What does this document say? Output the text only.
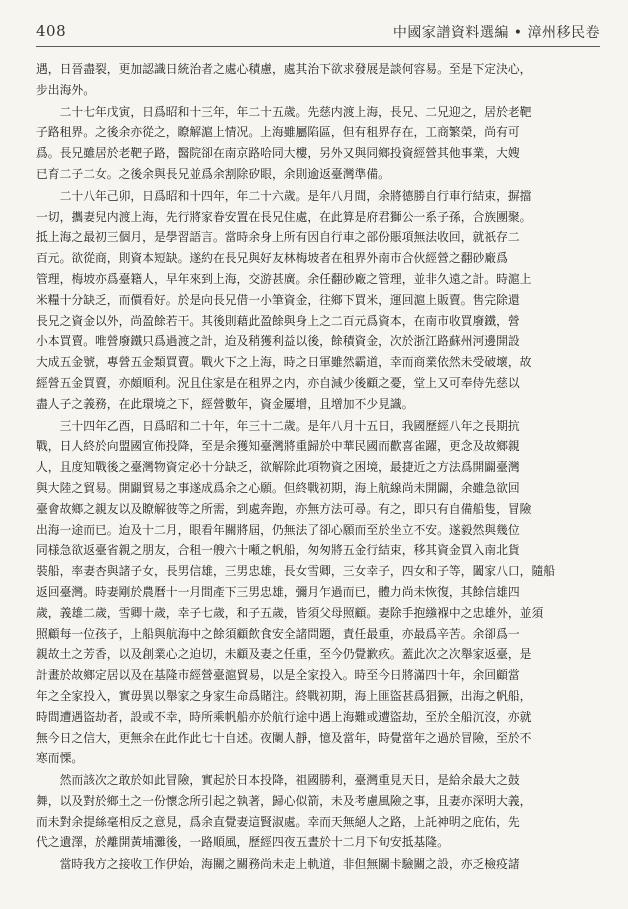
408	中國家譜資料選編 • 漳州移民卷

遇，日晉盡裂，更加認識日統治者之處心積慮，處其治下欲求發展是談何容易。至是下定決心，
步出海外。

二十七年戊寅，日爲昭和十三年，年二十五歲。先慈内渡上海，長兄、二兄迎之，居於老靶
子路租界。之後余亦從之，瞭解滬上情况。上海雖屬陷區，但有租界存在，工商繁榮，尚有可
爲。長兄雖居於老靶子路，醫院卻在南京路哈同大樓，另外又與同鄉投資經營其他事業，大嫂
已育二子二女。之後余與長兄並爲余割除矽眼，余則逾返臺灣準備。

二十八年己卯，日爲昭和十四年，年二十六歲。是年八月間，余將德勝自行車行結束，摒擋
一切，攜妻兒内渡上海，先行將家眷安置在長兄住處，在此算是府君獅公一系子孫，合族團聚。
抵上海之最初三個月，是學習語言。當時余身上所有因自行車之部份賬項無法收回，就祇存二
百元。欲從商，則資本短缺。遂約在長兄與好友林梅坡者在租界外南市合伙經營之翻砂廠爲
管理，梅坡亦爲臺籍人，早年來到上海，交游甚廣。余任翻砂廠之管理，並非久遠之計。時滬上
米糧十分缺乏，而價看好。於是向長兄借一小筆資金，往鄉下買米，運回滬上販賣。售完除還
長兄之資金以外，尚盈餘若干。其後則藉此盈餘與身上之二百元爲資本，在南市收買廢鐵，營
小本買賣。唯營廢鐵只爲過渡之計，迨及稍獲利益以後，餘積資金，次於浙江路蘇州河邊開設
大成五金號，專營五金類買賣。戰火下之上海，時之日軍雖然霸道，幸而商業依然未受破壞，故
經營五金買賣，亦頗順利。況且住家是在租界之内，亦自減少後顧之憂，堂上又可奉侍先慈以
盡人子之義務，在此環境之下，經營數年，資金屢增，且增加不少見識。

三十四年乙酉，日爲昭和二十年，年三十二歲。是年八月十五日，我國歷經八年之長期抗
戰，日人終於向盟國宣佈投降，至是余獲知臺灣將重歸於中華民國而歡喜雀躍，更念及故鄉親
人，且度知戰後之臺灣物資定必十分缺乏，欲解除此項物資之困境，最捷近之方法爲開闢臺灣
與大陸之貿易。開闢貿易之事遂成爲余之心願。但終戰初期，海上航線尚未開闢，余雖急欲回
臺會故鄉之親友以及瞭解彼等之所需，到處奔跑，亦無方法可尋。有之，即只有自備船隻，冒險
出海一途而已。迨及十二月，眼看年關將屆，仍無法了卻心願而至於坐立不安。遂毅然與幾位
同様急欲返臺省親之朋友，合租一艘六十噸之帆船，匆匆將五金行結束，移其資金買入南北貨
裝船，率妻杏與諸子女，長男信雄，三男忠雄，長女雪卿，三女幸子，四女和子等，闔家八口，隨船
返回臺灣。時妻剛於農曆十一月間產下三男忠雄，彌月乍過而已，體力尚未恢復，其餘信雄四
歲，義雄二歲，雪卿十歲，幸子七歲，和子五歲，皆須父母照顧。妻除手抱繈褓中之忠雄外，並須
照顧每一位孩子，上船與航海中之餘須顧飲食安全諸問題，責任最重，亦最爲辛苦。余卻爲一
親故土之芳香，以及創業心之迫切，未顧及妻之任重，至今仍覺歉疚。蓋此次之次舉家返臺，是
計畫於故鄉定居以及在基隆市經營臺滬貿易，以是全家投入。時至今日將滿四十年，余回顧當
年之全家投入，實毋異以舉家之身家生命爲賭注。終戰初期，海上匪盜甚爲猖獗，出海之帆船，
時間遭遇盜劫者，設或不幸，時所乘帆船亦於航行途中遇上海難或遭盜劫，至於全船沉沒，亦就
無今日之信大，更無余在此作此七十自述。夜闌人靜，憶及當年，時覺當年之過於冒險，至於不
寒而慄。

然而該次之敢於如此冒險，實起於日本投降，祖國勝利，臺灣重見天日，是給余最大之鼓
舞，以及對於鄉土之一份懷念所引起之執著，歸心似箭，未及考慮風險之事，且妻亦深明大義，
而未對余提絲毫相反之意見，爲余直覺妻這賢淑處。幸而天無絕人之路，上託神明之庇佑，先
代之遺澤，於離開黃埔灘後，一路順風，歷經四夜五晝於十二月下旬安抵基隆。

當時我方之接收工作伊始，海關之關務尚未走上軌道，非但無關卡驗關之設，亦乏檢疫諸
